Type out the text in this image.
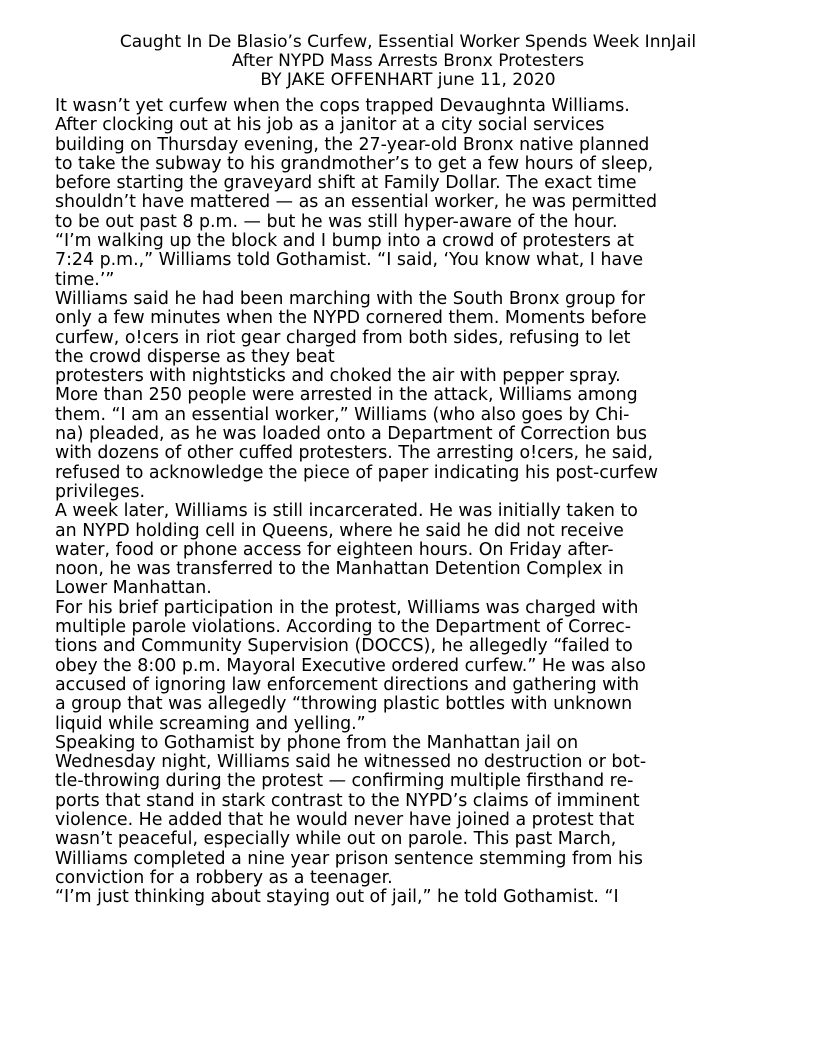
Caught In De Blasio’s Curfew, Essential Worker Spends Week InnJail
After NYPD Mass Arrests Bronx Protesters
BY JAKE OFFENHART june 11, 2020
It wasn’t yet curfew when the cops trapped Devaughnta Williams.
After clocking out at his job as a janitor at a city social services
building on Thursday evening, the 27-year-old Bronx native planned
to take the subway to his grandmother’s to get a few hours of sleep,
before starting the graveyard shift at Family Dollar. The exact time
shouldn’t have mattered — as an essential worker, he was permitted
to be out past 8 p.m. — but he was still hyper-aware of the hour.
“I’m walking up the block and I bump into a crowd of protesters at
7:24 p.m.,” Williams told Gothamist. “I said, ‘You know what, I have
time.’”
Williams said he had been marching with the South Bronx group for
only a few minutes when the NYPD cornered them. Moments before
curfew, o!cers in riot gear charged from both sides, refusing to let
the crowd disperse as they beat
protesters with nightsticks and choked the air with pepper spray.
More than 250 people were arrested in the attack, Williams among
them. “I am an essential worker,” Williams (who also goes by Chi-
na) pleaded, as he was loaded onto a Department of Correction bus
with dozens of other cuffed protesters. The arresting o!cers, he said,
refused to acknowledge the piece of paper indicating his post-curfew
privileges.
A week later, Williams is still incarcerated. He was initially taken to
an NYPD holding cell in Queens, where he said he did not receive
water, food or phone access for eighteen hours. On Friday after-
noon, he was transferred to the Manhattan Detention Complex in
Lower Manhattan.
For his brief participation in the protest, Williams was charged with
multiple parole violations. According to the Department of Correc-
tions and Community Supervision (DOCCS), he allegedly “failed to
obey the 8:00 p.m. Mayoral Executive ordered curfew.” He was also
accused of ignoring law enforcement directions and gathering with
a group that was allegedly “throwing plastic bottles with unknown
liquid while screaming and yelling.”
Speaking to Gothamist by phone from the Manhattan jail on
Wednesday night, Williams said he witnessed no destruction or bot-
tle-throwing during the protest — confirming multiple firsthand re-
ports that stand in stark contrast to the NYPD’s claims of imminent
violence. He added that he would never have joined a protest that
wasn’t peaceful, especially while out on parole. This past March,
Williams completed a nine year prison sentence stemming from his
conviction for a robbery as a teenager.
“I’m just thinking about staying out of jail,” he told Gothamist. “I
